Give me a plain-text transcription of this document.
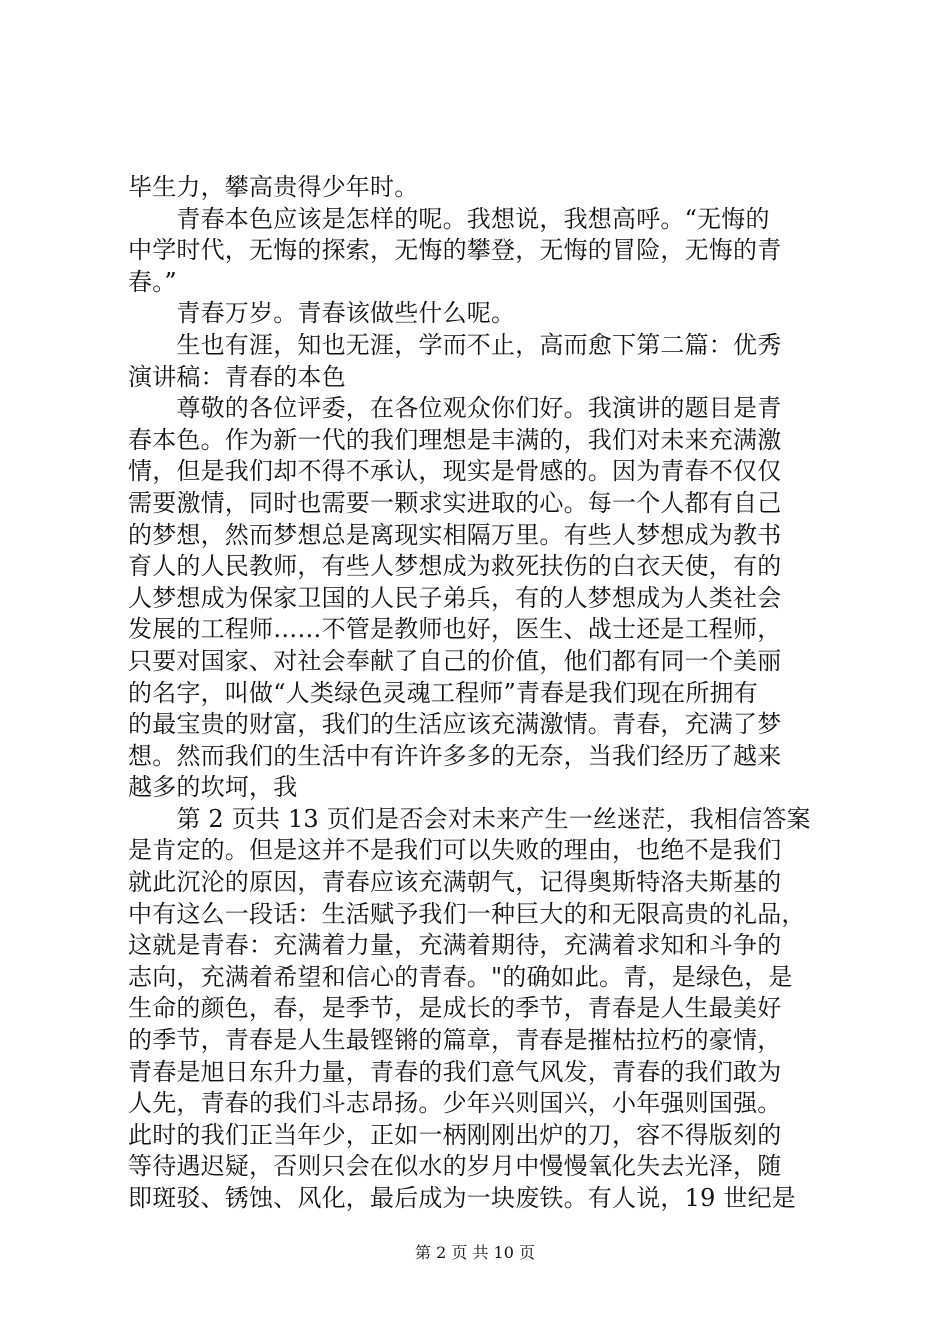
毕生力，攀高贵得少年时。
　　青春本色应该是怎样的呢。我想说，我想高呼。“无悔的
中学时代，无悔的探索，无悔的攀登，无悔的冒险，无悔的青
春。”
　　青春万岁。青春该做些什么呢。
　　生也有涯，知也无涯，学而不止，高而愈下第二篇：优秀
演讲稿：青春的本色
　　尊敬的各位评委，在各位观众你们好。我演讲的题目是青
春本色。作为新一代的我们理想是丰满的，我们对未来充满激
情，但是我们却不得不承认，现实是骨感的。因为青春不仅仅
需要激情，同时也需要一颗求实进取的心。每一个人都有自己
的梦想，然而梦想总是离现实相隔万里。有些人梦想成为教书
育人的人民教师，有些人梦想成为救死扶伤的白衣天使，有的
人梦想成为保家卫国的人民子弟兵，有的人梦想成为人类社会
发展的工程师……不管是教师也好，医生、战士还是工程师，
只要对国家、对社会奉献了自己的价值，他们都有同一个美丽
的名字，叫做“人类绿色灵魂工程师”青春是我们现在所拥有
的最宝贵的财富，我们的生活应该充满激情。青春，充满了梦
想。然而我们的生活中有许许多多的无奈，当我们经历了越来
越多的坎坷，我
　　第 2 页共 13 页们是否会对未来产生一丝迷茫，我相信答案
是肯定的。但是这并不是我们可以失败的理由，也绝不是我们
就此沉沦的原因，青春应该充满朝气，记得奥斯特洛夫斯基的
中有这么一段话：生活赋予我们一种巨大的和无限高贵的礼品，
这就是青春：充满着力量，充满着期待，充满着求知和斗争的
志向，充满着希望和信心的青春。"的确如此。青，是绿色，是
生命的颜色，春，是季节，是成长的季节，青春是人生最美好
的季节，青春是人生最铿锵的篇章，青春是摧枯拉朽的豪情，
青春是旭日东升力量，青春的我们意气风发，青春的我们敢为
人先，青春的我们斗志昂扬。少年兴则国兴，小年强则国强。
此时的我们正当年少，正如一柄刚刚出炉的刀，容不得版刻的
等待遇迟疑，否则只会在似水的岁月中慢慢氧化失去光泽，随
即斑驳、锈蚀、风化，最后成为一块废铁。有人说，19 世纪是
第 2 页 共 10 页
